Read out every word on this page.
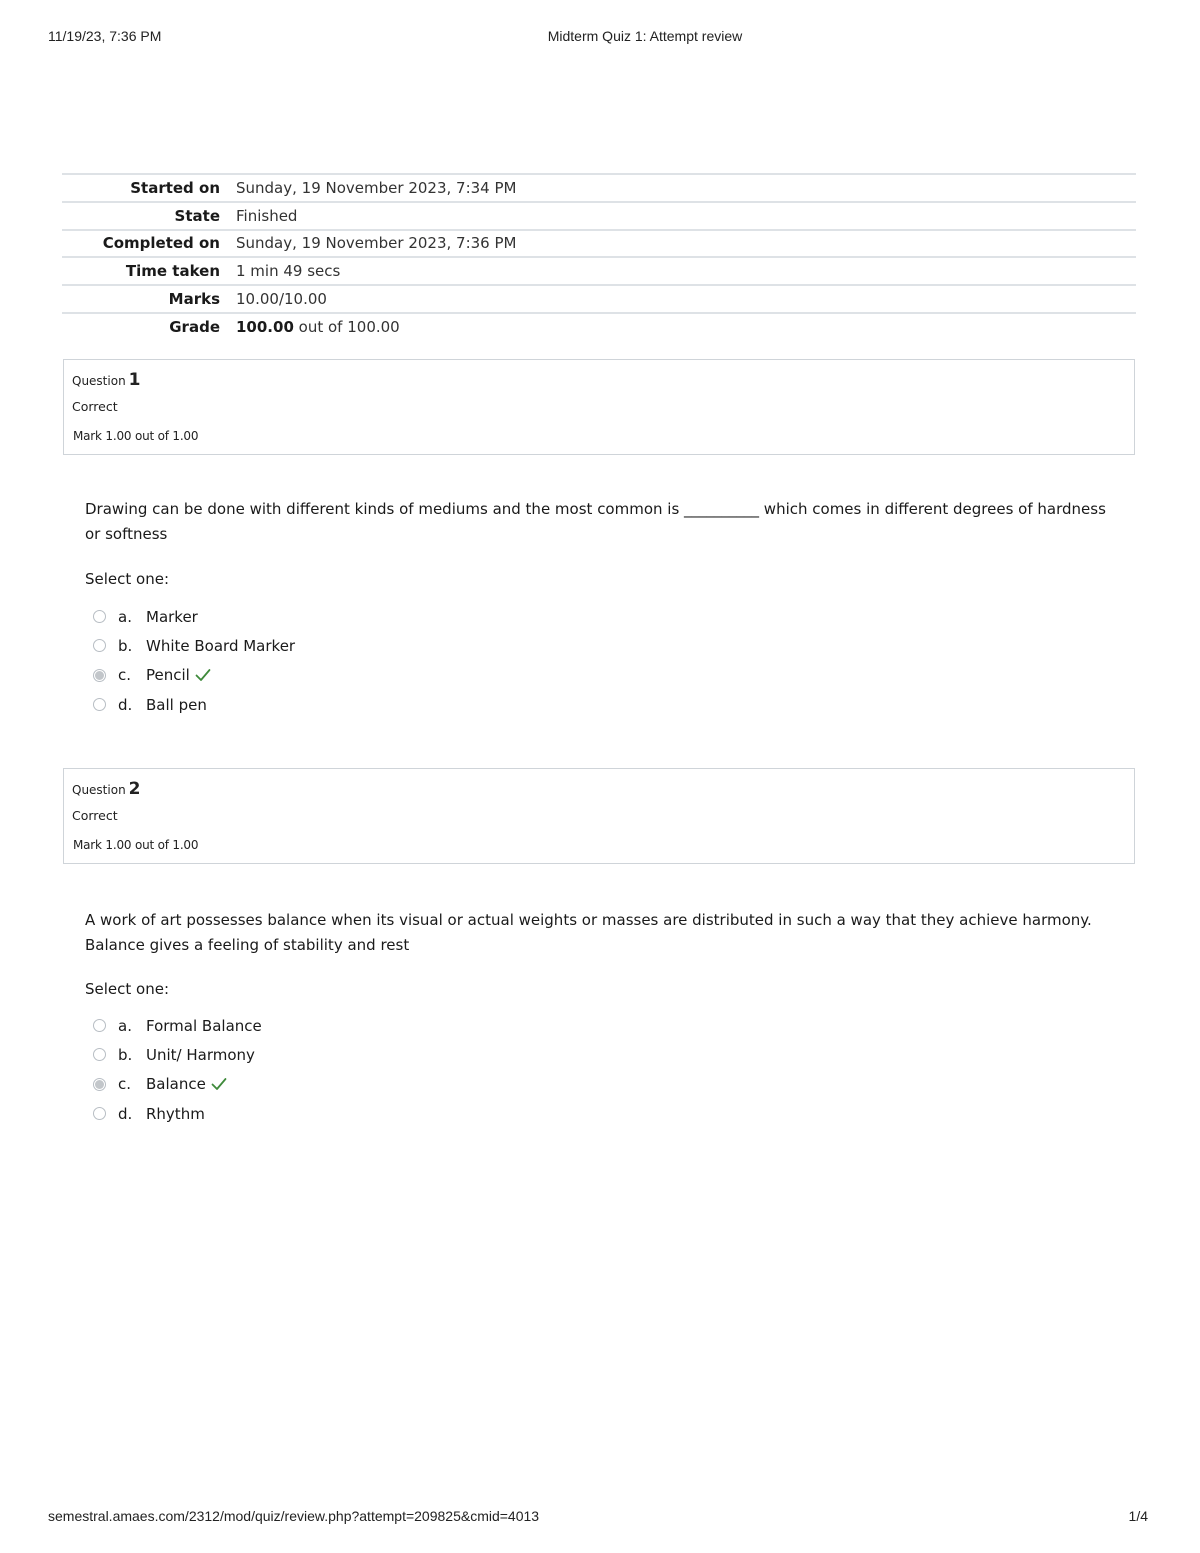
11/19/23, 7:36 PM	Midterm Quiz 1: Attempt review
Started on	Sunday, 19 November 2023, 7:34 PM
State	Finished
Completed on	Sunday, 19 November 2023, 7:36 PM
Time taken	1 min 49 secs
Marks	10.00/10.00
Grade	100.00 out of 100.00
Question 1
Correct
Mark 1.00 out of 1.00
Drawing can be done with different kinds of mediums and the most common is __________ which comes in different degrees of hardness or softness
Select one:
a. Marker
b. White Board Marker
c. Pencil
d. Ball pen
Question 2
Correct
Mark 1.00 out of 1.00
A work of art possesses balance when its visual or actual weights or masses are distributed in such a way that they achieve harmony. Balance gives a feeling of stability and rest
Select one:
a. Formal Balance
b. Unit/ Harmony
c. Balance
d. Rhythm
semestral.amaes.com/2312/mod/quiz/review.php?attempt=209825&cmid=4013	1/4
